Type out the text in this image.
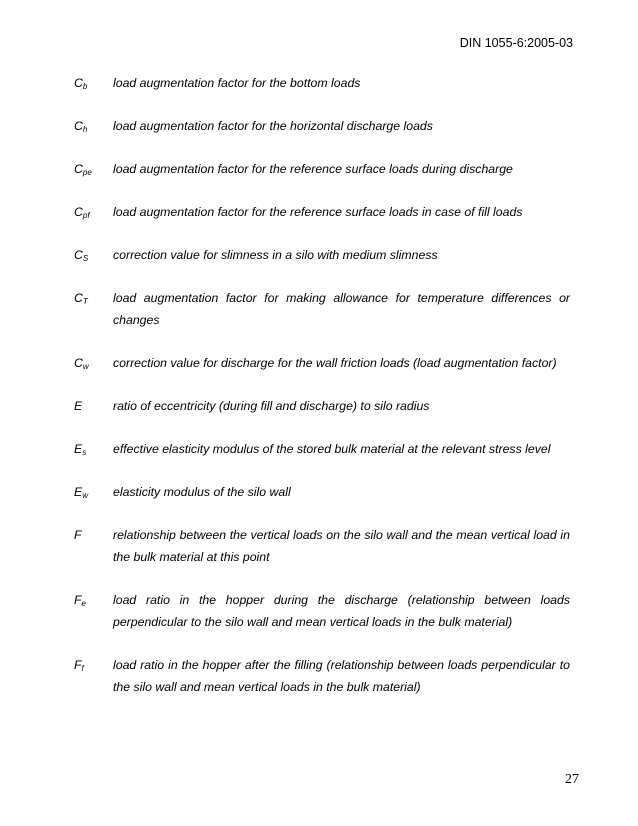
DIN 1055-6:2005-03
$C_b$ load augmentation factor for the bottom loads
$C_h$ load augmentation factor for the horizontal discharge loads
$C_{pe}$ load augmentation factor for the reference surface loads during discharge
$C_{pf}$ load augmentation factor for the reference surface loads in case of fill loads
$C_S$ correction value for slimness in a silo with medium slimness
$C_T$ load augmentation factor for making allowance for temperature differences or changes
$C_w$ correction value for discharge for the wall friction loads (load augmentation factor)
E	ratio of eccentricity (during fill and discharge) to silo radius
$E_s$ effective elasticity modulus of the stored bulk material at the relevant stress level
$E_w$ elasticity modulus of the silo wall
F	relationship between the vertical loads on the silo wall and the mean vertical load in the bulk material at this point
$F_e$ load ratio in the hopper during the discharge (relationship between loads perpendicular to the silo wall and mean vertical loads in the bulk material)
$F_f$ load ratio in the hopper after the filling (relationship between loads perpendicular to the silo wall and mean vertical loads in the bulk material)
27
